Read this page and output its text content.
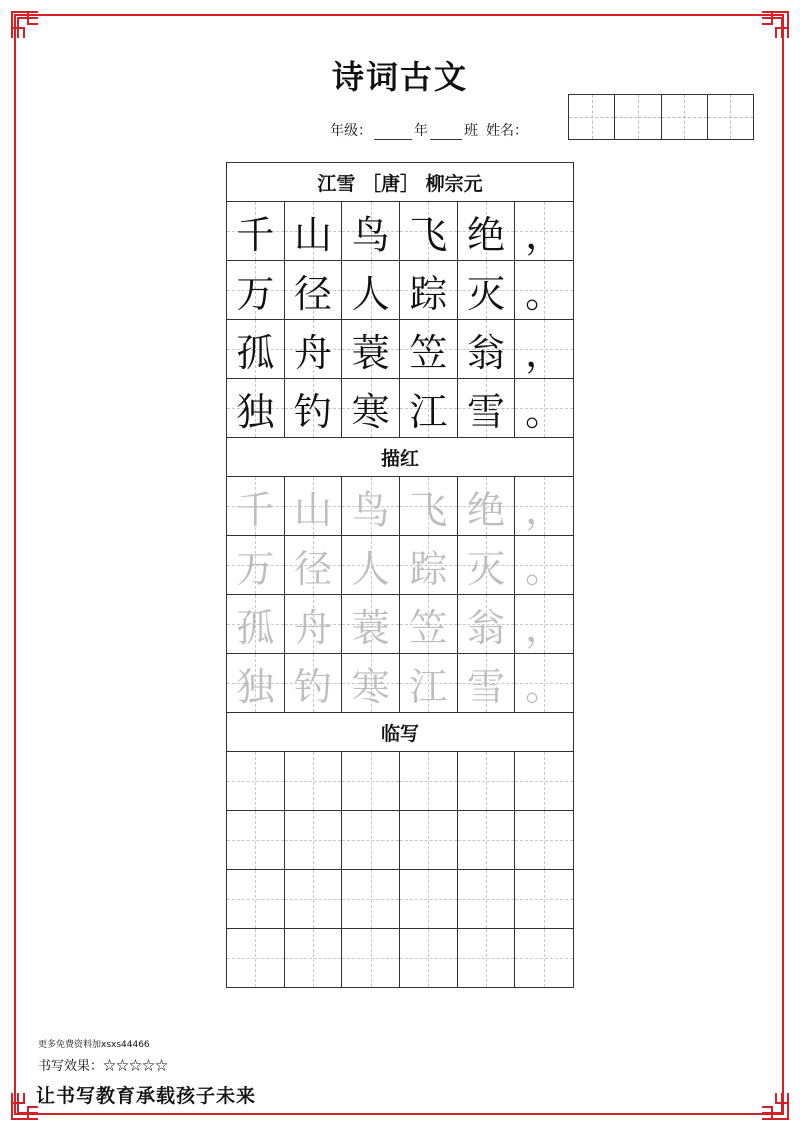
诗词古文
年级：	年	班 姓名：
江雪 ［唐］ 柳宗元
千 山 鸟 飞 绝 ，
万 径 人 踪 灭 。
孤 舟 蓑 笠 翁 ，
独 钓 寒 江 雪 。
描红
千 山 鸟 飞 绝 ，
万 径 人 踪 灭 。
孤 舟 蓑 笠 翁 ，
独 钓 寒 江 雪 。
临写
更多免费资料加xsxs44466
书写效果：☆☆☆☆☆
让书写教育承载孩子未来
